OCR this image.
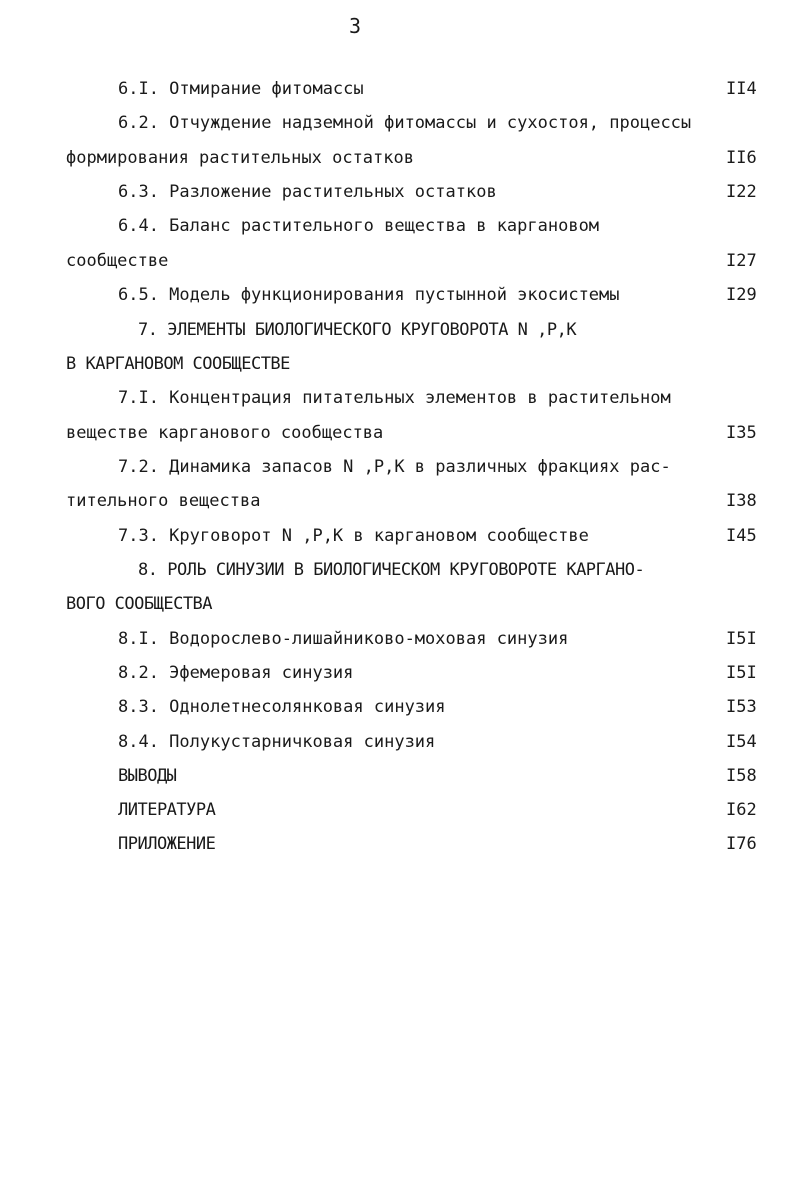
3
6.I. Отмирание фитомассы	II4
6.2. Отчуждение надземной фитомассы и сухостоя, процессы
формирования растительных остатков	II6
6.3. Разложение растительных остатков	I22
6.4. Баланс растительного вещества в каргановом
сообществе	I27
6.5. Модель функционирования пустынной экосистемы	I29
7. ЭЛЕМЕНТЫ БИОЛОГИЧЕСКОГО КРУГОВОРОТА N ,P,K
В КАРГАНОВОМ СООБЩЕСТВЕ
7.I. Концентрация питательных элементов в растительном
веществе карганового сообщества	I35
7.2. Динамика запасов N ,P,K в различных фракциях рас-
тительного вещества	I38
7.3. Круговорот N ,P,K в каргановом сообществе	I45
8. РОЛЬ СИНУЗИИ В БИОЛОГИЧЕСКОМ КРУГОВОРОТЕ КАРГАНО-
ВОГО СООБЩЕСТВА
8.I. Водорослево-лишайниково-моховая синузия	I5I
8.2. Эфемеровая синузия	I5I
8.3. Однолетнесолянковая синузия	I53
8.4. Полукустарничковая синузия	I54
ВЫВОДЫ	I58
ЛИТЕРАТУРА	I62
ПРИЛОЖЕНИЕ	I76
